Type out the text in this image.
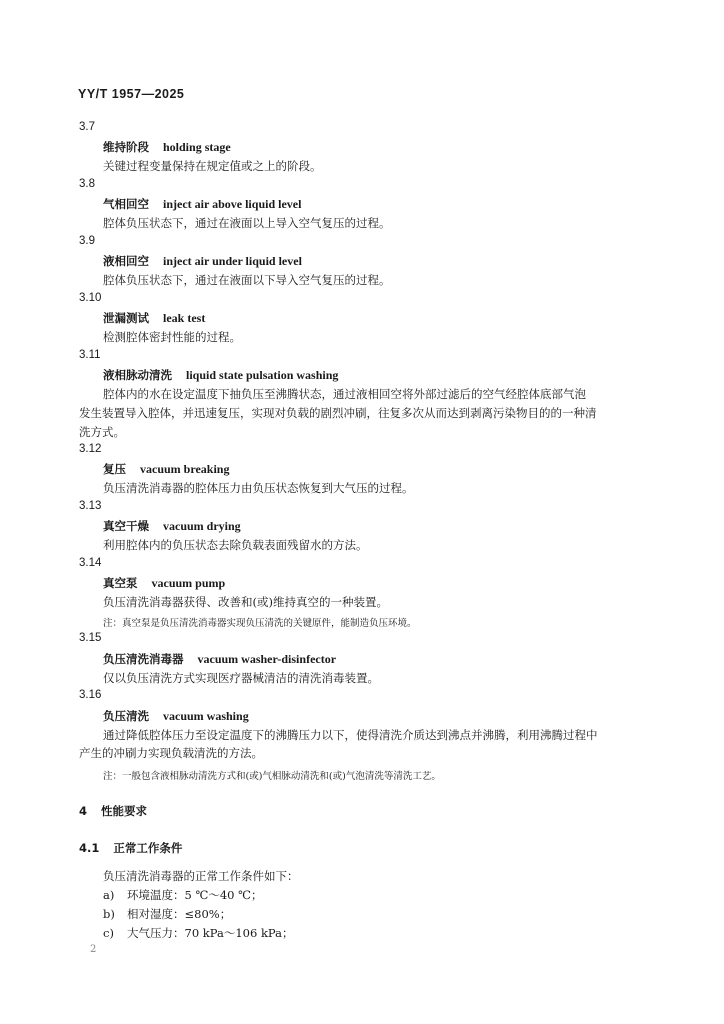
YY/T 1957—2025
3.7
维持阶段 holding stage
关键过程变量保持在规定值或之上的阶段。
3.8
气相回空 inject air above liquid level
腔体负压状态下，通过在液面以上导入空气复压的过程。
3.9
液相回空 inject air under liquid level
腔体负压状态下，通过在液面以下导入空气复压的过程。
3.10
泄漏测试 leak test
检测腔体密封性能的过程。
3.11
液相脉动清洗 liquid state pulsation washing
腔体内的水在设定温度下抽负压至沸腾状态，通过液相回空将外部过滤后的空气经腔体底部气泡
发生装置导入腔体，并迅速复压，实现对负载的剧烈冲刷，往复多次从而达到剥离污染物目的的一种清
洗方式。
3.12
复压 vacuum breaking
负压清洗消毒器的腔体压力由负压状态恢复到大气压的过程。
3.13
真空干燥 vacuum drying
利用腔体内的负压状态去除负载表面残留水的方法。
3.14
真空泵 vacuum pump
负压清洗消毒器获得、改善和(或)维持真空的一种装置。
注：真空泵是负压清洗消毒器实现负压清洗的关键原件，能制造负压环境。
3.15
负压清洗消毒器 vacuum washer-disinfector
仅以负压清洗方式实现医疗器械清洁的清洗消毒装置。
3.16
负压清洗 vacuum washing
通过降低腔体压力至设定温度下的沸腾压力以下，使得清洗介质达到沸点并沸腾，利用沸腾过程中
产生的冲刷力实现负载清洗的方法。
注：一般包含液相脉动清洗方式和(或)气相脉动清洗和(或)气泡清洗等清洗工艺。
4 性能要求
4.1 正常工作条件
负压清洗消毒器的正常工作条件如下：
a) 环境温度：5 ℃～40 ℃；
b) 相对湿度：≤80%；
c) 大气压力：70 kPa～106 kPa；
2
